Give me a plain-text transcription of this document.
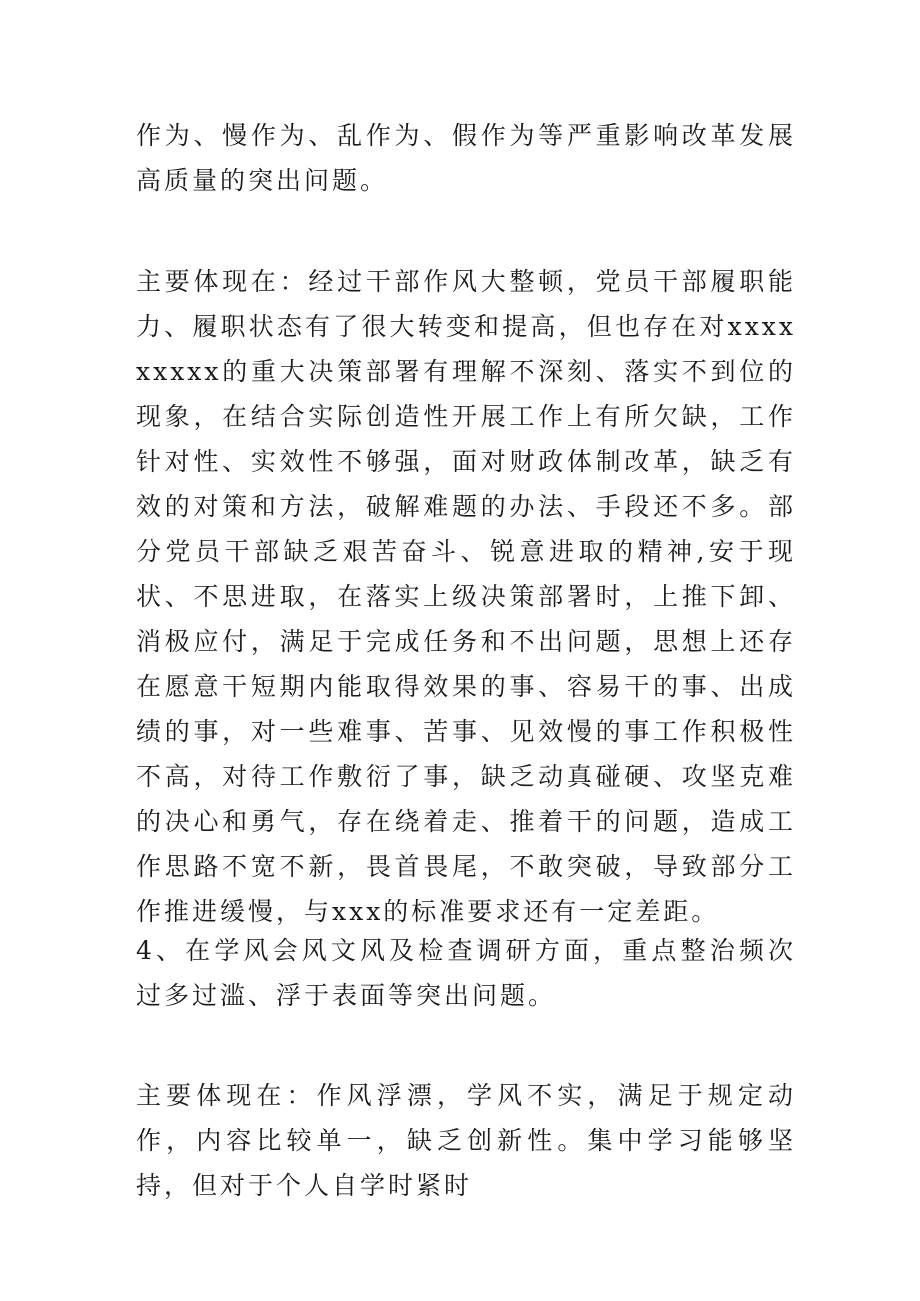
作为、慢作为、乱作为、假作为等严重影响改革发展高质量的突出问题。

主要体现在：经过干部作风大整顿，党员干部履职能力、履职状态有了很大转变和提高，但也存在对xxxxxxxxx的重大决策部署有理解不深刻、落实不到位的现象，在结合实际创造性开展工作上有所欠缺，工作针对性、实效性不够强，面对财政体制改革，缺乏有效的对策和方法，破解难题的办法、手段还不多。部分党员干部缺乏艰苦奋斗、锐意进取的精神,安于现状、不思进取，在落实上级决策部署时，上推下卸、消极应付，满足于完成任务和不出问题，思想上还存在愿意干短期内能取得效果的事、容易干的事、出成绩的事，对一些难事、苦事、见效慢的事工作积极性不高，对待工作敷衍了事，缺乏动真碰硬、攻坚克难的决心和勇气，存在绕着走、推着干的问题，造成工作思路不宽不新，畏首畏尾，不敢突破，导致部分工作推进缓慢，与xxx的标准要求还有一定差距。

4、在学风会风文风及检查调研方面，重点整治频次过多过滥、浮于表面等突出问题。

主要体现在：作风浮漂，学风不实，满足于规定动作，内容比较单一，缺乏创新性。集中学习能够坚持，但对于个人自学时紧时
